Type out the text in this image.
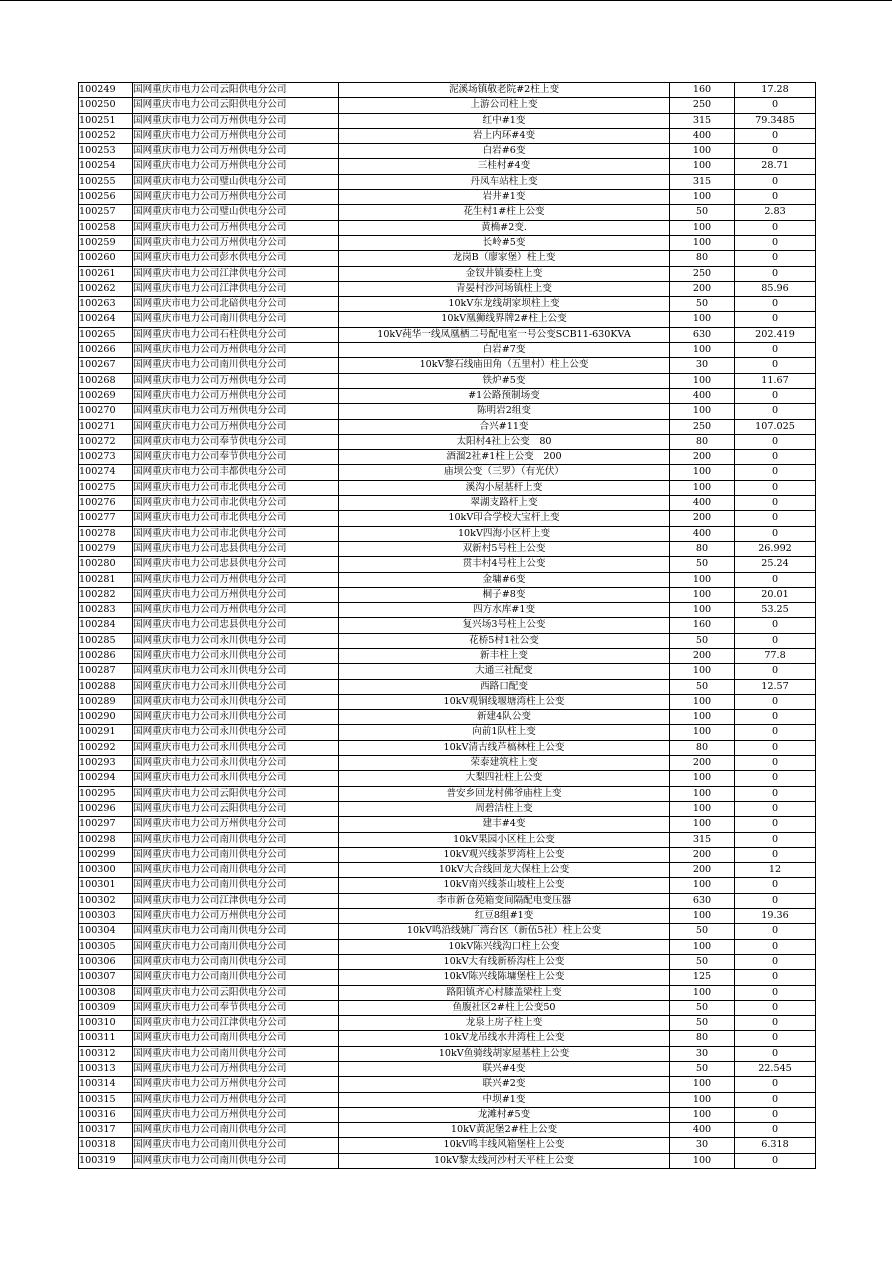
100249	国网重庆市电力公司云阳供电分公司	泥溪场镇敬老院#2柱上变	160	17.28
100250	国网重庆市电力公司云阳供电分公司	上游公司柱上变	250	0
100251	国网重庆市电力公司万州供电分公司	红中#1变	315	79.3485
100252	国网重庆市电力公司万州供电分公司	岩上内环#4变	400	0
100253	国网重庆市电力公司万州供电分公司	白岩#6变	100	0
100254	国网重庆市电力公司万州供电分公司	三桂村#4变	100	28.71
100255	国网重庆市电力公司璧山供电分公司	丹凤车站柱上变	315	0
100256	国网重庆市电力公司万州供电分公司	岩井#1变	100	0
100257	国网重庆市电力公司璧山供电分公司	花生村1#柱上公变	50	2.83
100258	国网重庆市电力公司万州供电分公司	黄桷#2变.	100	0
100259	国网重庆市电力公司万州供电分公司	长岭#5变	100	0
100260	国网重庆市电力公司彭水供电分公司	龙岗B（廖家堡）柱上变	80	0
100261	国网重庆市电力公司江津供电分公司	金钗井镇委柱上变	250	0
100262	国网重庆市电力公司江津供电分公司	青晏村沙河场镇柱上变	200	85.96
100263	国网重庆市电力公司北碚供电分公司	10kV东龙线胡家坝柱上变	50	0
100264	国网重庆市电力公司南川供电分公司	10kV凰狮线界牌2#柱上公变	100	0
100265	国网重庆市电力公司石柱供电分公司	10kV莼华一线凤凰栖二号配电室一号公变SCB11-630KVA	630	202.419
100266	国网重庆市电力公司万州供电分公司	白岩#7变	100	0
100267	国网重庆市电力公司南川供电分公司	10kV黎石线庙田角（五里村）柱上公变	30	0
100268	国网重庆市电力公司万州供电分公司	铁炉#5变	100	11.67
100269	国网重庆市电力公司万州供电分公司	#1公路预制场变	400	0
100270	国网重庆市电力公司万州供电分公司	陈明岩2组变	100	0
100271	国网重庆市电力公司万州供电分公司	合兴#11变	250	107.025
100272	国网重庆市电力公司奉节供电分公司	太阳村4社上公变　80	80	0
100273	国网重庆市电力公司奉节供电分公司	酒溜2社#1柱上公变　200	200	0
100274	国网重庆市电力公司丰都供电分公司	庙坝公变（三罗）（有光伏）	100	0
100275	国网重庆市电力公司市北供电分公司	溪沟小屋基杆上变	100	0
100276	国网重庆市电力公司市北供电分公司	翠湖支路杆上变	400	0
100277	国网重庆市电力公司市北供电分公司	10kV印合学校大宝杆上变	200	0
100278	国网重庆市电力公司市北供电分公司	10kV四海小区杆上变	400	0
100279	国网重庆市电力公司忠县供电分公司	双新村5号柱上公变	80	26.992
100280	国网重庆市电力公司忠县供电分公司	贯丰村4号柱上公变	50	25.24
100281	国网重庆市电力公司万州供电分公司	金墉#6变	100	0
100282	国网重庆市电力公司万州供电分公司	桐子#8变	100	20.01
100283	国网重庆市电力公司万州供电分公司	四方水库#1变	100	53.25
100284	国网重庆市电力公司忠县供电分公司	复兴场3号柱上公变	160	0
100285	国网重庆市电力公司永川供电分公司	花桥5村1社公变	50	0
100286	国网重庆市电力公司永川供电分公司	新丰柱上变	200	77.8
100287	国网重庆市电力公司永川供电分公司	大通三社配变	100	0
100288	国网重庆市电力公司永川供电分公司	西路口配变	50	12.57
100289	国网重庆市电力公司永川供电分公司	10kV观铜线堰塘湾柱上公变	100	0
100290	国网重庆市电力公司永川供电分公司	新建4队公变	100	0
100291	国网重庆市电力公司永川供电分公司	向前1队柱上变	100	0
100292	国网重庆市电力公司永川供电分公司	10kV清古线芦槁林柱上公变	80	0
100293	国网重庆市电力公司永川供电分公司	荣泰建筑柱上变	200	0
100294	国网重庆市电力公司永川供电分公司	大梨四社柱上公变	100	0
100295	国网重庆市电力公司云阳供电分公司	普安乡回龙村佛爷庙柱上变	100	0
100296	国网重庆市电力公司云阳供电分公司	周碧洁柱上变	100	0
100297	国网重庆市电力公司万州供电分公司	建丰#4变	100	0
100298	国网重庆市电力公司南川供电分公司	10kV果园小区柱上公变	315	0
100299	国网重庆市电力公司南川供电分公司	10kV观兴线茶罗湾柱上公变	200	0
100300	国网重庆市电力公司南川供电分公司	10kV大合线回龙大保柱上公变	200	12
100301	国网重庆市电力公司南川供电分公司	10kV南兴线茶山坡柱上公变	100	0
100302	国网重庆市电力公司江津供电分公司	李市新仓苑箱变间隔配电变压器	630	0
100303	国网重庆市电力公司万州供电分公司	红豆8组#1变	100	19.36
100304	国网重庆市电力公司南川供电分公司	10kV鸣沿线姚厂湾台区（新伍5社）柱上公变	50	0
100305	国网重庆市电力公司南川供电分公司	10kV陈兴线沟口柱上公变	100	0
100306	国网重庆市电力公司南川供电分公司	10kV大有线新桥沟柱上公变	50	0
100307	国网重庆市电力公司南川供电分公司	10kV陈兴线陈墉堡柱上公变	125	0
100308	国网重庆市电力公司云阳供电分公司	路阳镇齐心村膝盖梁柱上变	100	0
100309	国网重庆市电力公司奉节供电分公司	鱼腹社区2#柱上公变50	50	0
100310	国网重庆市电力公司江津供电分公司	龙泉上房子柱上变	50	0
100311	国网重庆市电力公司南川供电分公司	10kV龙吊线水井湾柱上公变	80	0
100312	国网重庆市电力公司南川供电分公司	10kV鱼骑线胡家屋基柱上公变	30	0
100313	国网重庆市电力公司万州供电分公司	联兴#4变	50	22.545
100314	国网重庆市电力公司万州供电分公司	联兴#2变	100	0
100315	国网重庆市电力公司万州供电分公司	中坝#1变	100	0
100316	国网重庆市电力公司万州供电分公司	龙滩村#5变	100	0
100317	国网重庆市电力公司南川供电分公司	10kV黄泥堡2#柱上公变	400	0
100318	国网重庆市电力公司南川供电分公司	10kV鸣丰线风箱堡柱上公变	30	6.318
100319	国网重庆市电力公司南川供电分公司	10kV黎太线河沙村天平柱上公变	100	0
